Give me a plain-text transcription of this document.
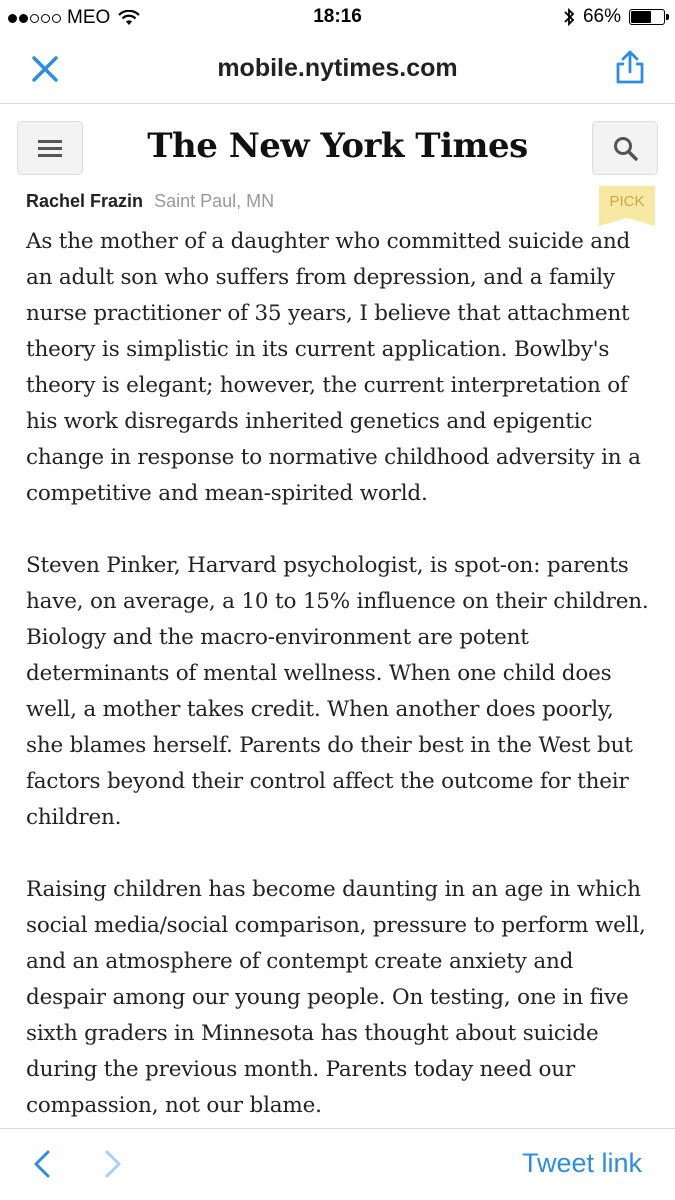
MEO	18:16	66%
mobile.nytimes.com
The New York Times
Rachel Frazin Saint Paul, MN	PICK

As the mother of a daughter who committed suicide and an adult son who suffers from depression, and a family nurse practitioner of 35 years, I believe that attachment theory is simplistic in its current application. Bowlby's theory is elegant; however, the current interpretation of his work disregards inherited genetics and epigentic change in response to normative childhood adversity in a competitive and mean-spirited world.

Steven Pinker, Harvard psychologist, is spot-on: parents have, on average, a 10 to 15% influence on their children. Biology and the macro-environment are potent determinants of mental wellness. When one child does well, a mother takes credit. When another does poorly, she blames herself. Parents do their best in the West but factors beyond their control affect the outcome for their children.

Raising children has become daunting in an age in which social media/social comparison, pressure to perform well, and an atmosphere of contempt create anxiety and despair among our young people. On testing, one in five sixth graders in Minnesota has thought about suicide during the previous month. Parents today need our compassion, not our blame.

Tweet link
